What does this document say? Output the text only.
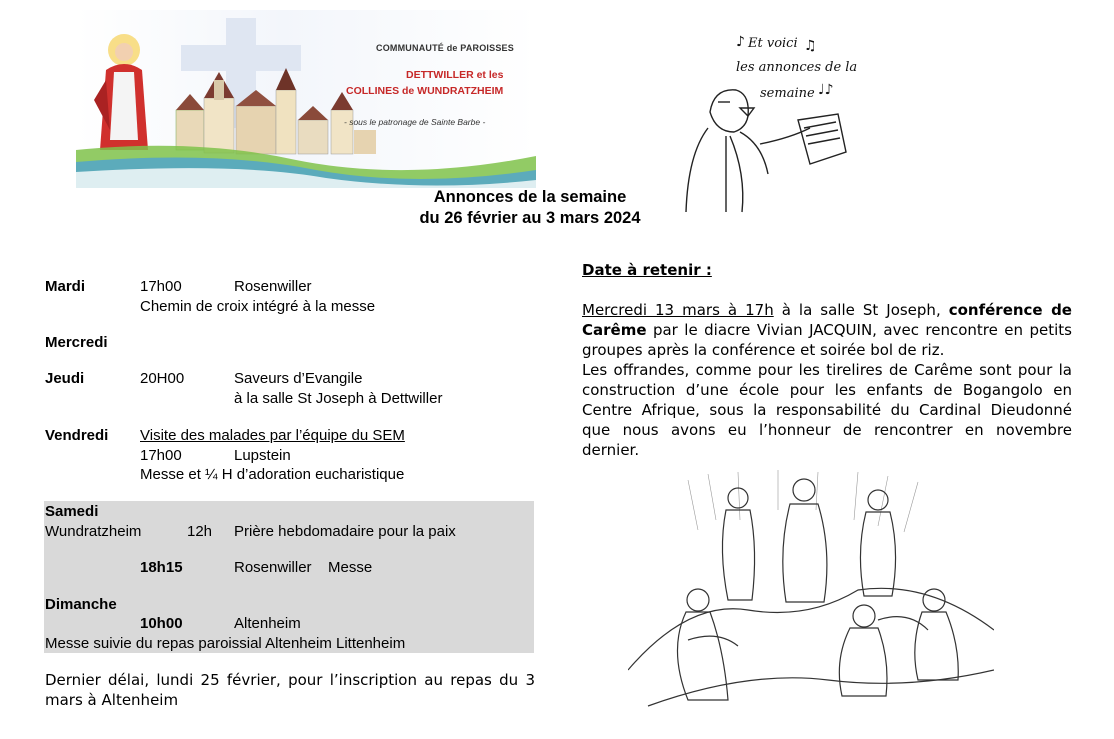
COMMUNAUTÉ de PAROISSES
DETTWILLER et les
COLLINES de WUNDRATZHEIM
- sous le patronage de Sainte Barbe -
♪	♫
♩♪
Et voici
les annonces de la
semaine
Annonces de la semaine
du 26 février au 3 mars 2024
Mardi	17h00	Rosenwiller
Chemin de croix intégré à la messe
Mercredi
Jeudi	20H00	Saveurs d’Evangile
à la salle St Joseph à Dettwiller
Vendredi Visite des malades par l’équipe du SEM
17h00	Lupstein
Messe et ¼ H d’adoration eucharistique
Samedi
Wundratzheim	12h Prière hebdomadaire pour la paix
18h15	Rosenwiller Messe
Dimanche
10h00	Altenheim
Messe suivie du repas paroissial Altenheim Littenheim
Dernier délai, lundi 25 février, pour l’inscription au repas du 3 mars à Altenheim
Date à retenir :
Mercredi 13 mars à 17h à la salle St Joseph, conférence de Carême par le diacre Vivian JACQUIN, avec rencontre en petits groupes après la conférence et soirée bol de riz.
Les offrandes, comme pour les tirelires de Carême sont pour la construction d’une école pour les enfants de Bogangolo en Centre Afrique, sous la responsabilité du Cardinal Dieudonné que nous avons eu l’honneur de rencontrer en novembre dernier.
